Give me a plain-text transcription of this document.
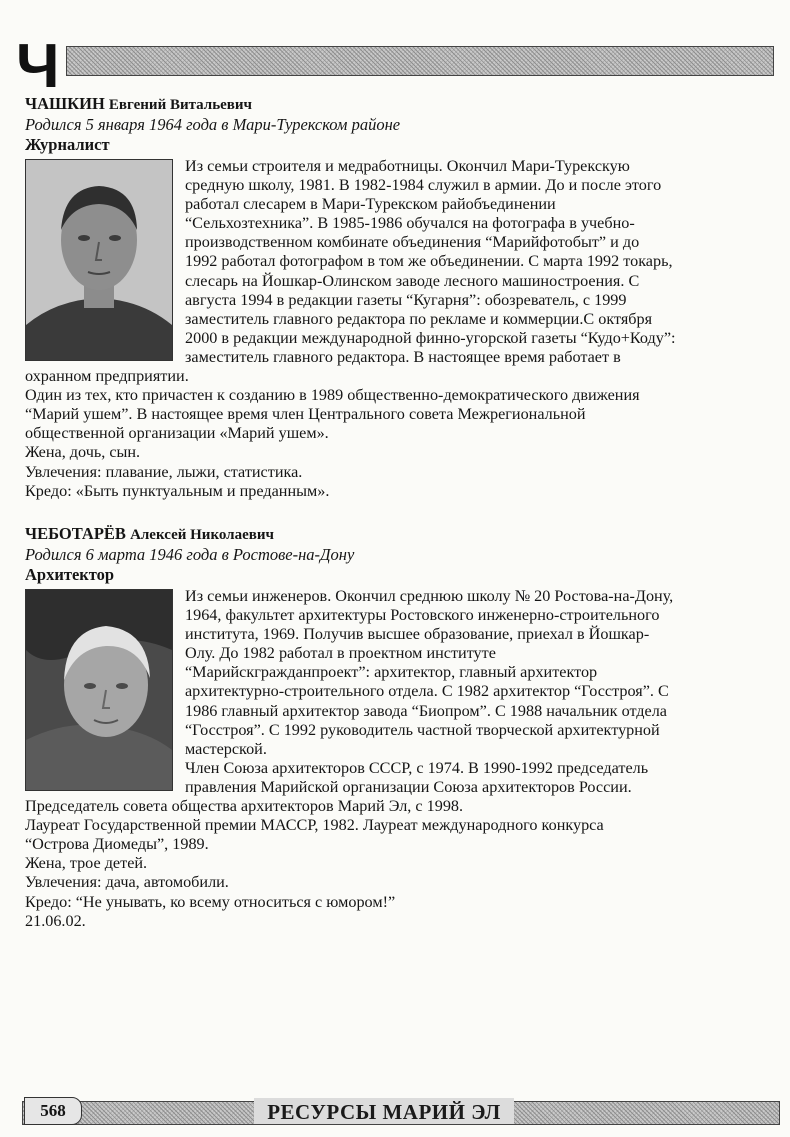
Ч

ЧАШКИН Евгений Витальевич

Родился 5 января 1964 года в Мари-Турекском районе

Журналист

Из семьи строителя и медработницы. Окончил Мари-Турекскую
средную школу, 1981. В 1982-1984 служил в армии. До и после этого
работал слесарем в Мари-Турекском райобъединении
“Сельхозтехника”. В 1985-1986 обучался на фотографа в учебно-
производственном комбинате объединения “Марийфотобыт” и до
1992 работал фотографом в том же объединении. С марта 1992 токарь,
слесарь на Йошкар-Олинском заводе лесного машиностроения. С
августа 1994 в редакции газеты “Кугарня”: обозреватель, с 1999
заместитель главного редактора по рекламе и коммерции.С октября
2000 в редакции международной финно-угорской газеты “Кудо+Коду”:
заместитель главного редактора. В настоящее время работает в
охранном предприятии.
Один из тех, кто причастен к созданию в 1989 общественно-демократического движения
“Марий ушем”. В настоящее время член Центрального совета Межрегиональной
общественной организации «Марий ушем».
Жена, дочь, сын.
Увлечения: плавание, лыжи, статистика.
Кредо: «Быть пунктуальным и преданным».

ЧЕБОТАРЁВ Алексей Николаевич

Родился 6 марта 1946 года в Ростове-на-Дону

Архитектор

Из семьи инженеров. Окончил среднюю школу № 20 Ростова-на-Дону,
1964, факультет архитектуры Ростовского инженерно-строительного
института, 1969. Получив высшее образование, приехал в Йошкар-
Олу. До 1982 работал в проектном институте
“Марийскгражданпроект”: архитектор, главный архитектор
архитектурно-строительного отдела. С 1982 архитектор “Госстроя”. С
1986 главный архитектор завода “Биопром”. С 1988 начальник отдела
“Госстроя”. С 1992 руководитель частной творческой архитектурной
мастерской.
Член Союза архитекторов СССР, с 1974. В 1990-1992 председатель
правления Марийской организации Союза архитекторов России.
Председатель совета общества архитекторов Марий Эл, с 1998.
Лауреат Государственной премии МАССР, 1982. Лауреат международного конкурса
“Острова Диомеды”, 1989.
Жена, трое детей.
Увлечения: дача, автомобили.
Кредо: “Не унывать, ко всему относиться с юмором!”
21.06.02.
568	РЕСУРСЫ МАРИЙ ЭЛ
